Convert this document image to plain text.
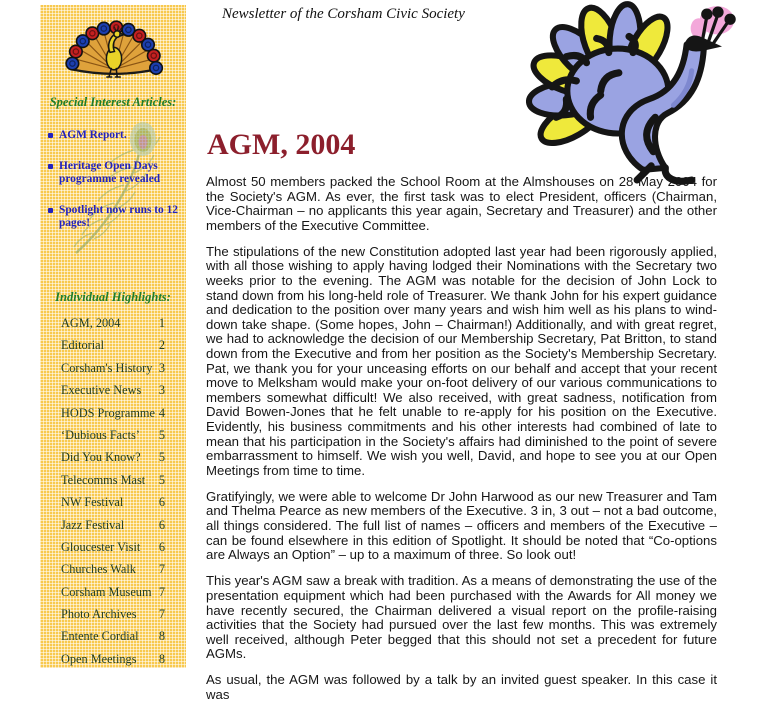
Special Interest Articles:
AGM Report.
Heritage Open Days programme revealed
Spotlight now runs to 12 pages!
Individual Highlights:
AGM, 2004	1
Editorial	2
Corsham's History 3
Executive News 3
HODS Programme 4
‘Dubious Facts’ 5
Did You Know? 5
Telecomms Mast 5
NW Festival	6
Jazz Festival	6
Gloucester Visit 6
Churches Walk 7
Corsham Museum 7
Photo Archives 7
Entente Cordial 8
Open Meetings 8
Newsletter of the Corsham Civic Society
AGM, 2004

Almost 50 members packed the School Room at the Almshouses on 28 May 2004 for the Society's AGM. As ever, the first task was to elect President, officers (Chairman, Vice-Chairman – no applicants this year again, Secretary and Treasurer) and the other members of the Executive Committee.

The stipulations of the new Constitution adopted last year had been rigorously applied, with all those wishing to apply having lodged their Nominations with the Secretary two weeks prior to the evening. The AGM was notable for the decision of John Lock to stand down from his long-held role of Treasurer. We thank John for his expert guidance and dedication to the position over many years and wish him well as his plans to wind-down take shape. (Some hopes, John – Chairman!) Additionally, and with great regret, we had to acknowledge the decision of our Membership Secretary, Pat Britton, to stand down from the Executive and from her position as the Society's Membership Secretary. Pat, we thank you for your unceasing efforts on our behalf and accept that your recent move to Melksham would make your on-foot delivery of our various communications to members somewhat difficult! We also received, with great sadness, notification from David Bowen-Jones that he felt unable to re-apply for his position on the Executive. Evidently, his business commitments and his other interests had combined of late to mean that his participation in the Society's affairs had diminished to the point of severe embarrassment to himself. We wish you well, David, and hope to see you at our Open Meetings from time to time.

Gratifyingly, we were able to welcome Dr John Harwood as our new Treasurer and Tam and Thelma Pearce as new members of the Executive. 3 in, 3 out – not a bad outcome, all things considered. The full list of names – officers and members of the Executive – can be found elsewhere in this edition of Spotlight. It should be noted that “Co-options are Always an Option” – up to a maximum of three. So look out!

This year's AGM saw a break with tradition. As a means of demonstrating the use of the presentation equipment which had been purchased with the Awards for All money we have recently secured, the Chairman delivered a visual report on the profile-raising activities that the Society had pursued over the last few months. This was extremely well received, although Peter begged that this should not set a precedent for future AGMs.

As usual, the AGM was followed by a talk by an invited guest speaker. In this case it was
